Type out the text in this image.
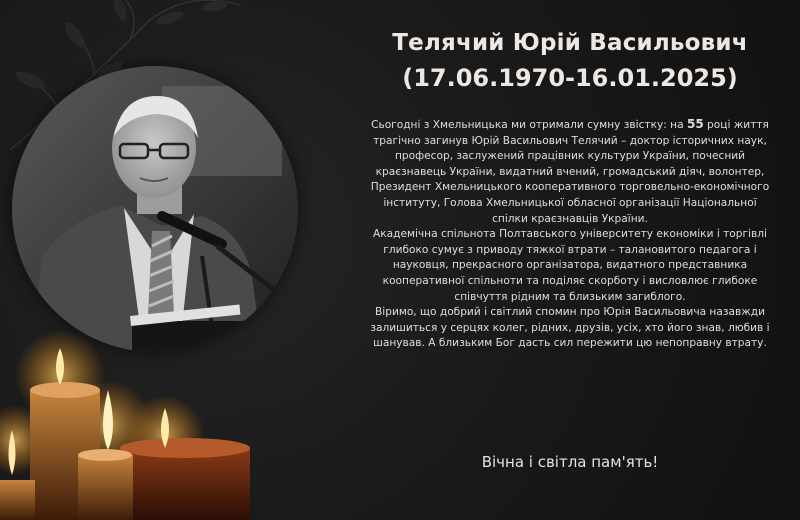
Телячий Юрій Васильович
(17.06.1970-16.01.2025)

Сьогодні з Хмельницька ми отримали сумну звістку: на 55 році життя трагічно загинув Юрій Васильович Телячий – доктор історичних наук, професор, заслужений працівник культури України, почесний краєзнавець України, видатний вчений, громадський діяч, волонтер, Президент Хмельницького кооперативного торговельно-економічного інституту, Голова Хмельницької обласної організації Національної спілки краєзнавців України.

Академічна спільнота Полтавського університету економіки і торгівлі глибоко сумує з приводу тяжкої втрати – талановитого педагога і науковця, прекрасного організатора, видатного представника кооперативної спільноти та поділяє скорботу і висловлює глибоке співчуття рідним та близьким загиблого.

Віримо, що добрий і світлий спомин про Юрія Васильовича назавжди залишиться у серцях колег, рідних, друзів, усіх, хто його знав, любив і шанував. А близьким Бог дасть сил пережити цю непоправну втрату.

Вічна і світла пам'ять!
